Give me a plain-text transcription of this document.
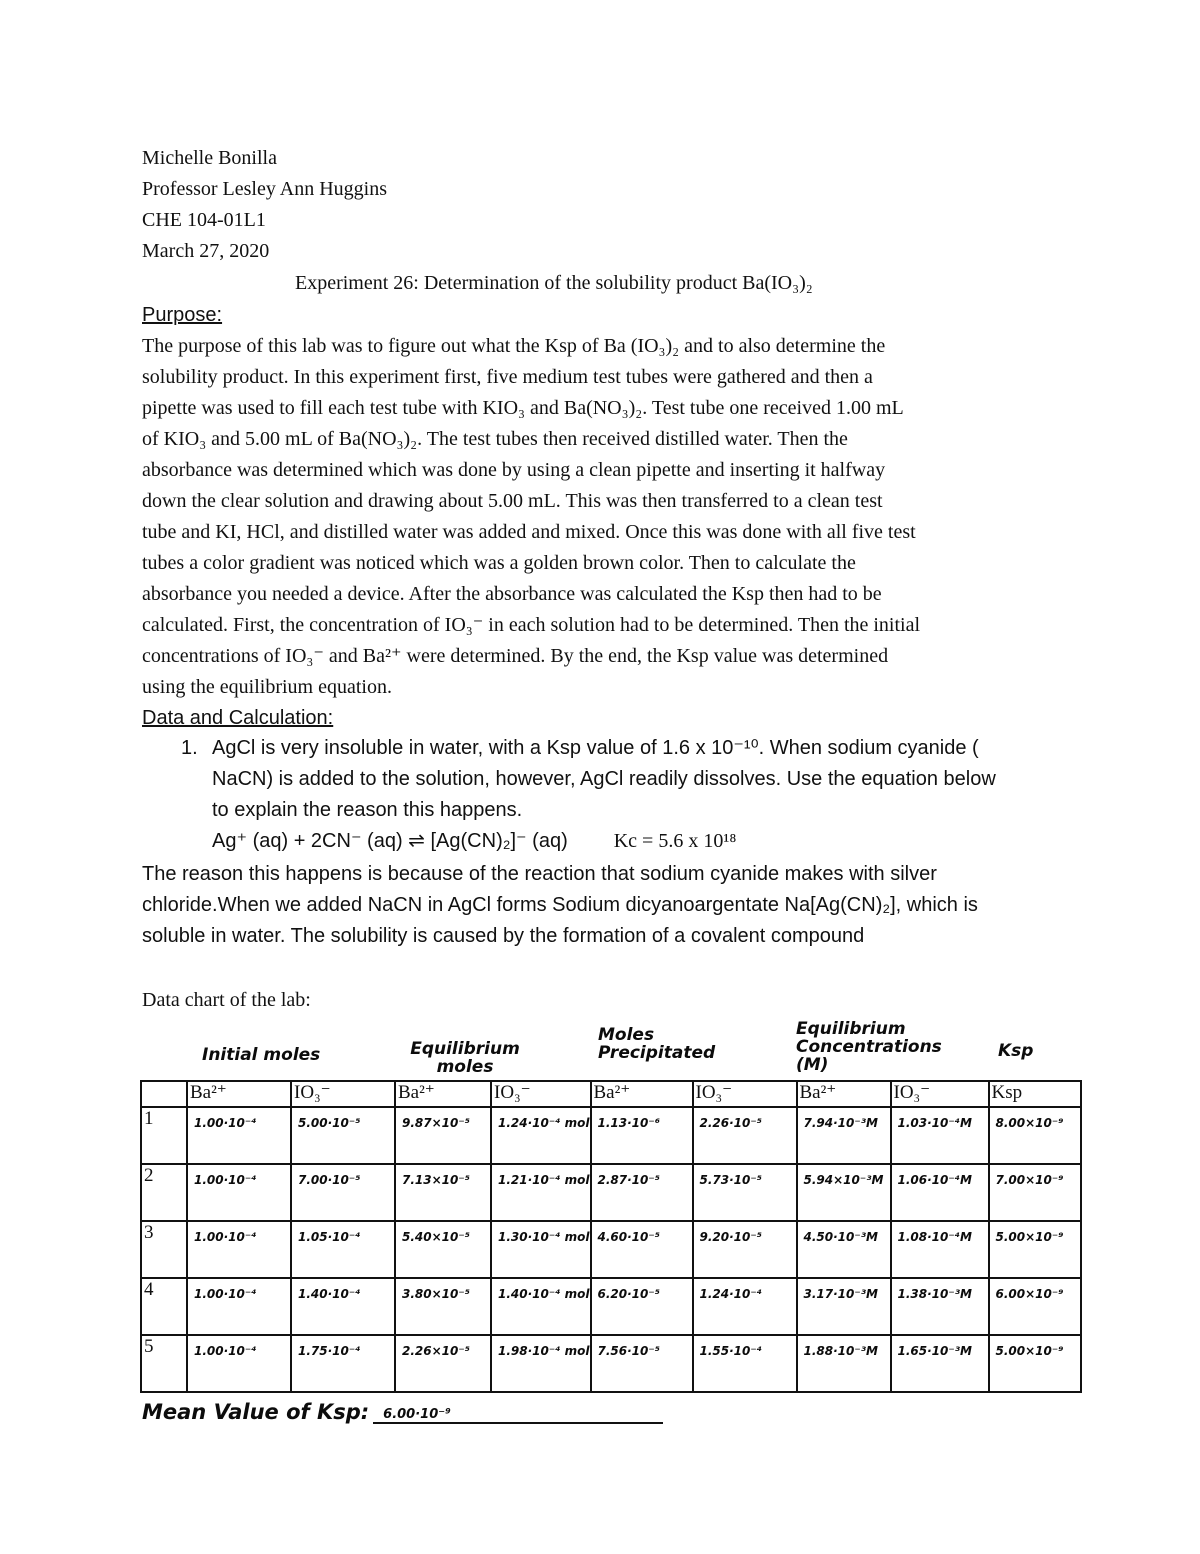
Michelle Bonilla
Professor Lesley Ann Huggins
CHE 104-01L1
March 27, 2020
Experiment 26: Determination of the solubility product Ba(IO₃)₂
Purpose:
The purpose of this lab was to figure out what the Ksp of Ba (IO₃)₂ and to also determine the
solubility product. In this experiment first, five medium test tubes were gathered and then a
pipette was used to fill each test tube with KIO₃ and Ba(NO₃)₂. Test tube one received 1.00 mL
of KIO₃ and 5.00 mL of Ba(NO₃)₂. The test tubes then received distilled water. Then the
absorbance was determined which was done by using a clean pipette and inserting it halfway
down the clear solution and drawing about 5.00 mL. This was then transferred to a clean test
tube and KI, HCl, and distilled water was added and mixed. Once this was done with all five test
tubes a color gradient was noticed which was a golden brown color. Then to calculate the
absorbance you needed a device. After the absorbance was calculated the Ksp then had to be
calculated. First, the concentration of IO₃⁻ in each solution had to be determined. Then the initial
concentrations of IO₃⁻ and Ba²⁺ were determined. By the end, the Ksp value was determined
using the equilibrium equation.
Data and Calculation:
1. AgCl is very insoluble in water, with a Ksp value of 1.6 x 10⁻¹⁰. When sodium cyanide (
NaCN) is added to the solution, however, AgCl readily dissolves. Use the equation below
to explain the reason this happens.
Ag⁺ (aq) + 2CN⁻ (aq) ⇌ [Ag(CN)₂]⁻ (aq) Kc = 5.6 x 10¹⁸
The reason this happens is because of the reaction that sodium cyanide makes with silver
chloride.When we added NaCN in AgCl forms Sodium dicyanoargentate Na[Ag(CN)₂], which is
soluble in water. The solubility is caused by the formation of a covalent compound
Data chart of the lab:
Initial moles	Equilibrium moles
Moles Precipitated
Equilibrium Concentrations (M)
Ksp
	Ba²⁺	IO₃⁻	Ba²⁺	IO₃⁻	Ba²⁺	IO₃⁻	Ba²⁺	IO₃⁻	Ksp
1	1.00·10⁻⁴	5.00·10⁻⁵	9.87×10⁻⁵	1.24·10⁻⁴ mol	1.13·10⁻⁶	2.26·10⁻⁵	7.94·10⁻³M	1.03·10⁻⁴M	8.00×10⁻⁹

2	1.00·10⁻⁴	7.00·10⁻⁵	7.13×10⁻⁵	1.21·10⁻⁴ mol	2.87·10⁻⁵	5.73·10⁻⁵	5.94×10⁻³M	1.06·10⁻⁴M	7.00×10⁻⁹

3	1.00·10⁻⁴	1.05·10⁻⁴	5.40×10⁻⁵	1.30·10⁻⁴ mol	4.60·10⁻⁵	9.20·10⁻⁵	4.50·10⁻³M	1.08·10⁻⁴M	5.00×10⁻⁹

4	1.00·10⁻⁴	1.40·10⁻⁴	3.80×10⁻⁵	1.40·10⁻⁴ mol	6.20·10⁻⁵	1.24·10⁻⁴	3.17·10⁻³M	1.38·10⁻³M	6.00×10⁻⁹

5	1.00·10⁻⁴	1.75·10⁻⁴	2.26×10⁻⁵	1.98·10⁻⁴ mol	7.56·10⁻⁵	1.55·10⁻⁴	1.88·10⁻³M	1.65·10⁻³M	5.00×10⁻⁹
Mean Value of Ksp: 6.00·10⁻⁹
